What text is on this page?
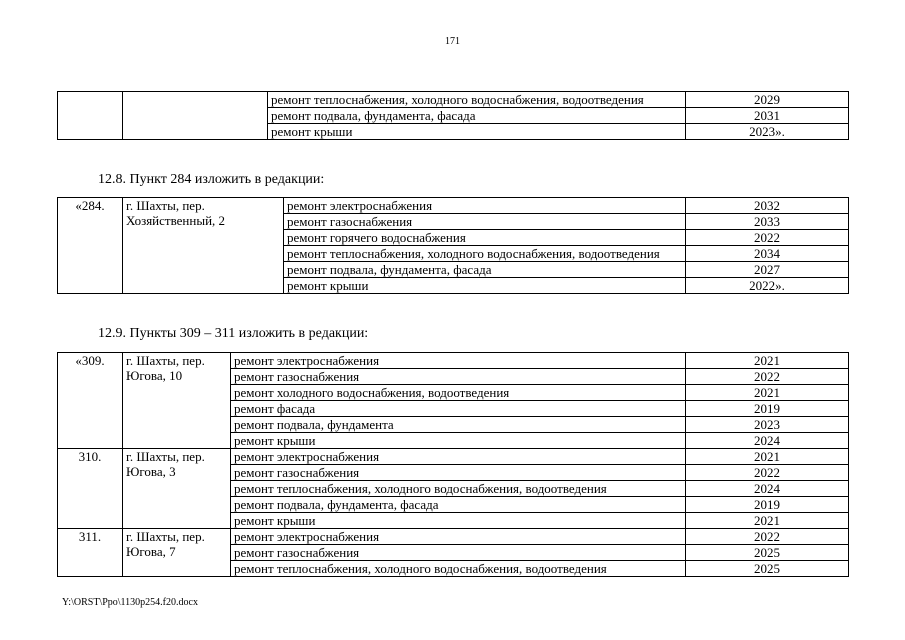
171
		ремонт теплоснабжения, холодного водоснабжения, водоотведения	2029
		ремонт подвала, фундамента, фасада	2031
		ремонт крыши	2023».
12.8. Пункт 284 изложить в редакции:
«284.	г. Шахты, пер. Хозяйственный, 2	ремонт электроснабжения	2032
		ремонт газоснабжения	2033
		ремонт горячего водоснабжения	2022
		ремонт теплоснабжения, холодного водоснабжения, водоотведения	2034
		ремонт подвала, фундамента, фасада	2027
		ремонт крыши	2022».
12.9. Пункты 309 – 311 изложить в редакции:
«309.	г. Шахты, пер. Югова, 10	ремонт электроснабжения	2021
		ремонт газоснабжения	2022
		ремонт холодного водоснабжения, водоотведения	2021
		ремонт фасада	2019
		ремонт подвала, фундамента	2023
		ремонт крыши	2024
310.	г. Шахты, пер. Югова, 3	ремонт электроснабжения	2021
		ремонт газоснабжения	2022
		ремонт теплоснабжения, холодного водоснабжения, водоотведения	2024
		ремонт подвала, фундамента, фасада	2019
		ремонт крыши	2021
311.	г. Шахты, пер. Югова, 7	ремонт электроснабжения	2022
		ремонт газоснабжения	2025
		ремонт теплоснабжения, холодного водоснабжения, водоотведения	2025
Y:\ORST\Ppo\1130p254.f20.docx
